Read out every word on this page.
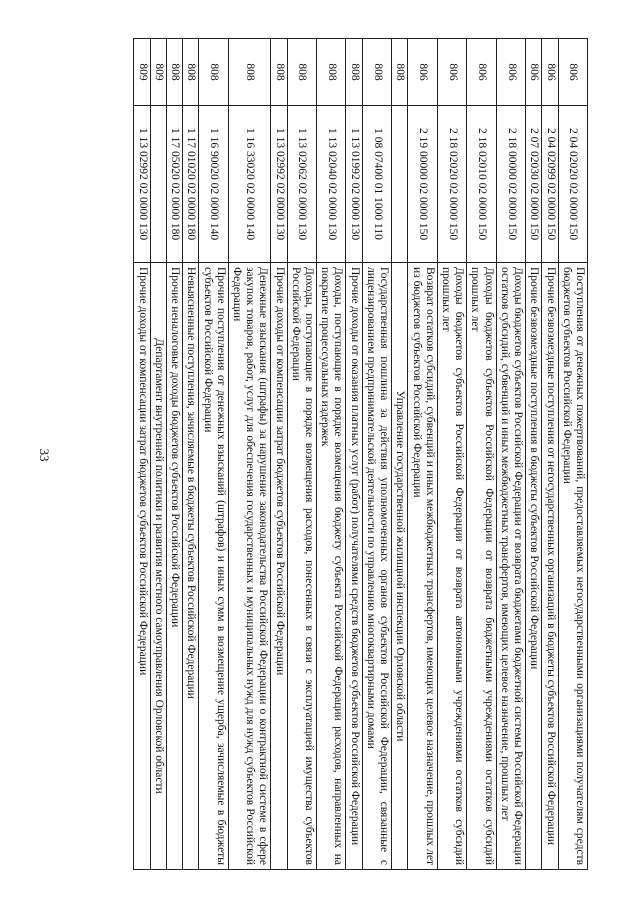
33
806	2 04 02020 02 0000 150	Поступления от денежных пожертвований, предоставляемых негосударственными организациями получателям средств бюджетов субъектов Российской Федерации
806	2 04 02099 02 0000 150	Прочие безвозмездные поступления от негосударственных организаций в бюджеты субъектов Российской Федерации
806	2 07 02030 02 0000 150	Прочие безвозмездные поступления в бюджеты субъектов Российской Федерации
806	2 18 00000 02 0000 150	Доходы бюджетов субъектов Российской Федерации от возврата бюджетами бюджетной системы Российской Федерации остатков субсидий, субвенций и иных межбюджетных трансфертов, имеющих целевое назначение, прошлых лет
806	2 18 02010 02 0000 150	Доходы бюджетов субъектов Российской Федерации от возврата бюджетными учреждениями остатков субсидий прошлых лет
806	2 18 02020 02 0000 150	Доходы бюджетов субъектов Российской Федерации от возврата автономными учреждениями остатков субсидий прошлых лет
806	2 19 00000 02 0000 150	Возврат остатков субсидий, субвенций и иных межбюджетных трансфертов, имеющих целевое назначение, прошлых лет из бюджетов субъектов Российской Федерации
808		Управление государственной жилищной инспекции Орловской области
808	1 08 07400 01 1000 110	Государственная пошлина за действия уполномоченных органов субъектов Российской Федерации, связанные с лицензированием предпринимательской деятельности по управлению многоквартирными домами
808	1 13 01992 02 0000 130	Прочие доходы от оказания платных услуг (работ) получателями средств бюджетов субъектов Российской Федерации
808	1 13 02040 02 0000 130	Доходы, поступающие в порядке возмещения бюджету субъекта Российской Федерации расходов, направленных на покрытие процессуальных издержек
808	1 13 02062 02 0000 130	Доходы, поступающие в порядке возмещения расходов, понесенных в связи с эксплуатацией имущества субъектов Российской Федерации
808	1 13 02992 02 0000 130	Прочие доходы от компенсации затрат бюджетов субъектов Российской Федерации
808	1 16 33020 02 0000 140	Денежные взыскания (штрафы) за нарушение законодательства Российской Федерации о контрактной системе в сфере закупок товаров, работ, услуг для обеспечения государственных и муниципальных нужд для нужд субъектов Российской Федерации
808	1 16 90020 02 0000 140	Прочие поступления от денежных взысканий (штрафов) и иных сумм в возмещение ущерба, зачисляемые в бюджеты субъектов Российской Федерации
808	1 17 01020 02 0000 180	Невыясненные поступления, зачисляемые в бюджеты субъектов Российской Федерации
808	1 17 05020 02 0000 180	Прочие неналоговые доходы бюджетов субъектов Российской Федерации
809		Департамент внутренней политики и развития местного самоуправления Орловской области
809	1 13 02992 02 0000 130	Прочие доходы от компенсации затрат бюджетов субъектов Российской Федерации
